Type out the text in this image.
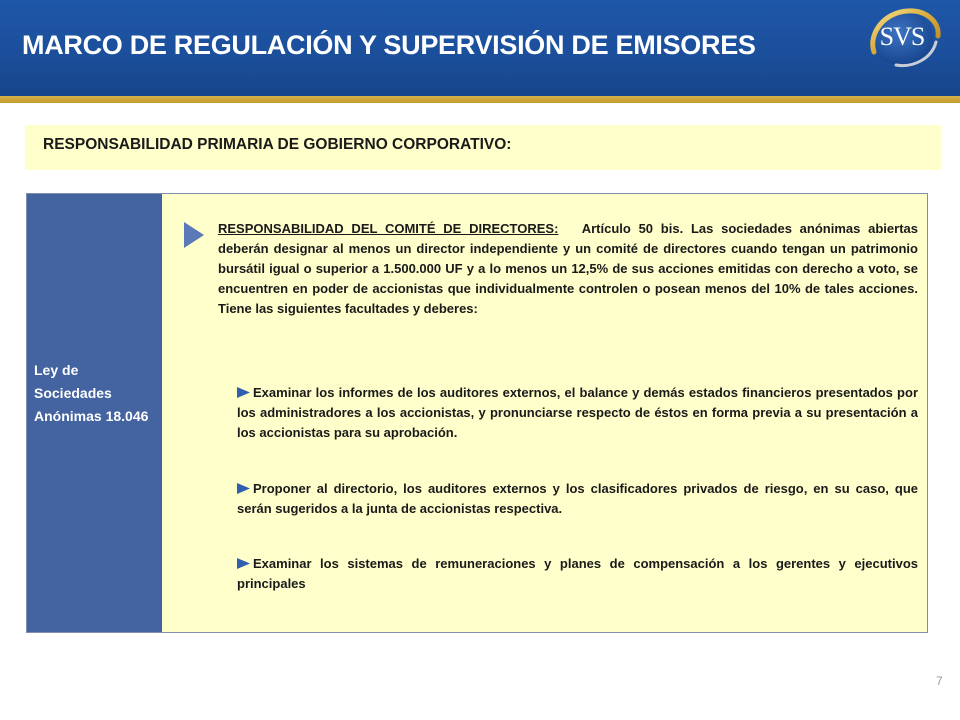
MARCO DE REGULACIÓN Y SUPERVISIÓN DE EMISORES	SVS
RESPONSABILIDAD PRIMARIA DE GOBIERNO CORPORATIVO:
Ley de Sociedades Anónimas 18.046
RESPONSABILIDAD DEL COMITÉ DE DIRECTORES: Artículo 50 bis. Las sociedades anónimas abiertas deberán designar al menos un director independiente y un comité de directores cuando tengan un patrimonio bursátil igual o superior a 1.500.000 UF y a lo menos un 12,5% de sus acciones emitidas con derecho a voto, se encuentren en poder de accionistas que individualmente controlen o posean menos del 10% de tales acciones. Tiene las siguientes facultades y deberes:
Examinar los informes de los auditores externos, el balance y demás estados financieros presentados por los administradores a los accionistas, y pronunciarse respecto de éstos en forma previa a su presentación a los accionistas para su aprobación.
Proponer al directorio, los auditores externos y los clasificadores privados de riesgo, en su caso, que serán sugeridos a la junta de accionistas respectiva.
Examinar los sistemas de remuneraciones y planes de compensación a los gerentes y ejecutivos principales
7
